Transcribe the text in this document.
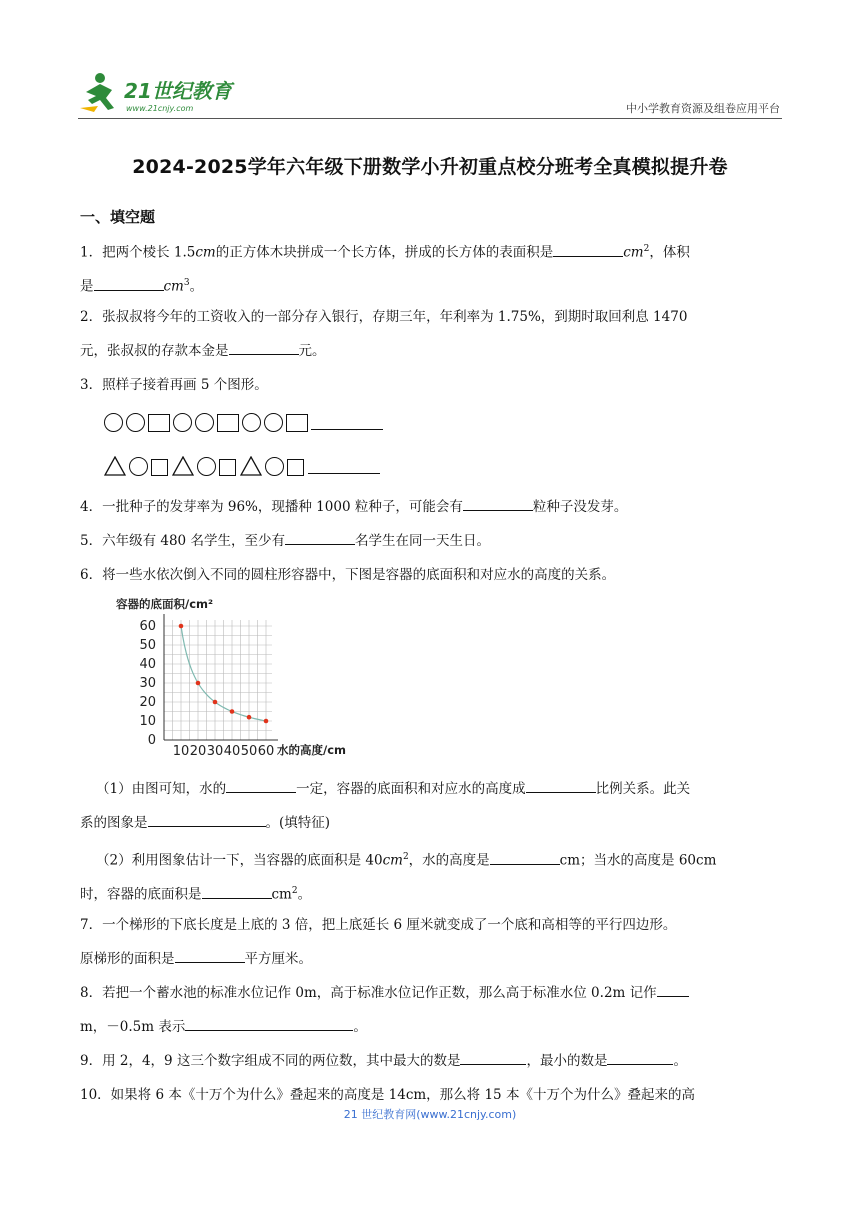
21世纪教育
www.21cnjy.com	中小学教育资源及组卷应用平台
2024-2025学年六年级下册数学小升初重点校分班考全真模拟提升卷
一、填空题
1．把两个棱长 1.5cm的正方体木块拼成一个长方体，拼成的长方体的表面积是	$cm^2$，体积
是	$cm^3$。
2．张叔叔将今年的工资收入的一部分存入银行，存期三年，年利率为 1.75%，到期时取回利息 1470
元，张叔叔的存款本金是	元。
3．照样子接着再画 5 个图形。
4．一批种子的发芽率为 96%，现播种 1000 粒种子，可能会有	粒种子没发芽。
5．六年级有 480 名学生，至少有	名学生在同一天生日。
6．将一些水依次倒入不同的圆柱形容器中，下图是容器的底面积和对应水的高度的关系。
容器的底面积/cm²
水的高度/cm
0
10
20
30
40
50
60
10 20 30 40 50 60
（1）由图可知，水的	一定，容器的底面积和对应水的高度成	比例关系。此关
系的图象是	。(填特征)
（2）利用图象估计一下，当容器的底面积是 $40cm^2$，水的高度是	cm；当水的高度是 60cm
时，容器的底面积是	$cm^2$。
7．一个梯形的下底长度是上底的 3 倍，把上底延长 6 厘米就变成了一个底和高相等的平行四边形。
原梯形的面积是	平方厘米。
8．若把一个蓄水池的标准水位记作 0m，高于标准水位记作正数，那么高于标准水位 0.2m 记作
m，－0.5m 表示	。
9．用 2，4，9 这三个数字组成不同的两位数，其中最大的数是	，最小的数是	。
10．如果将 6 本《十万个为什么》叠起来的高度是 14cm，那么将 15 本《十万个为什么》叠起来的高
21 世纪教育网(www.21cnjy.com)
